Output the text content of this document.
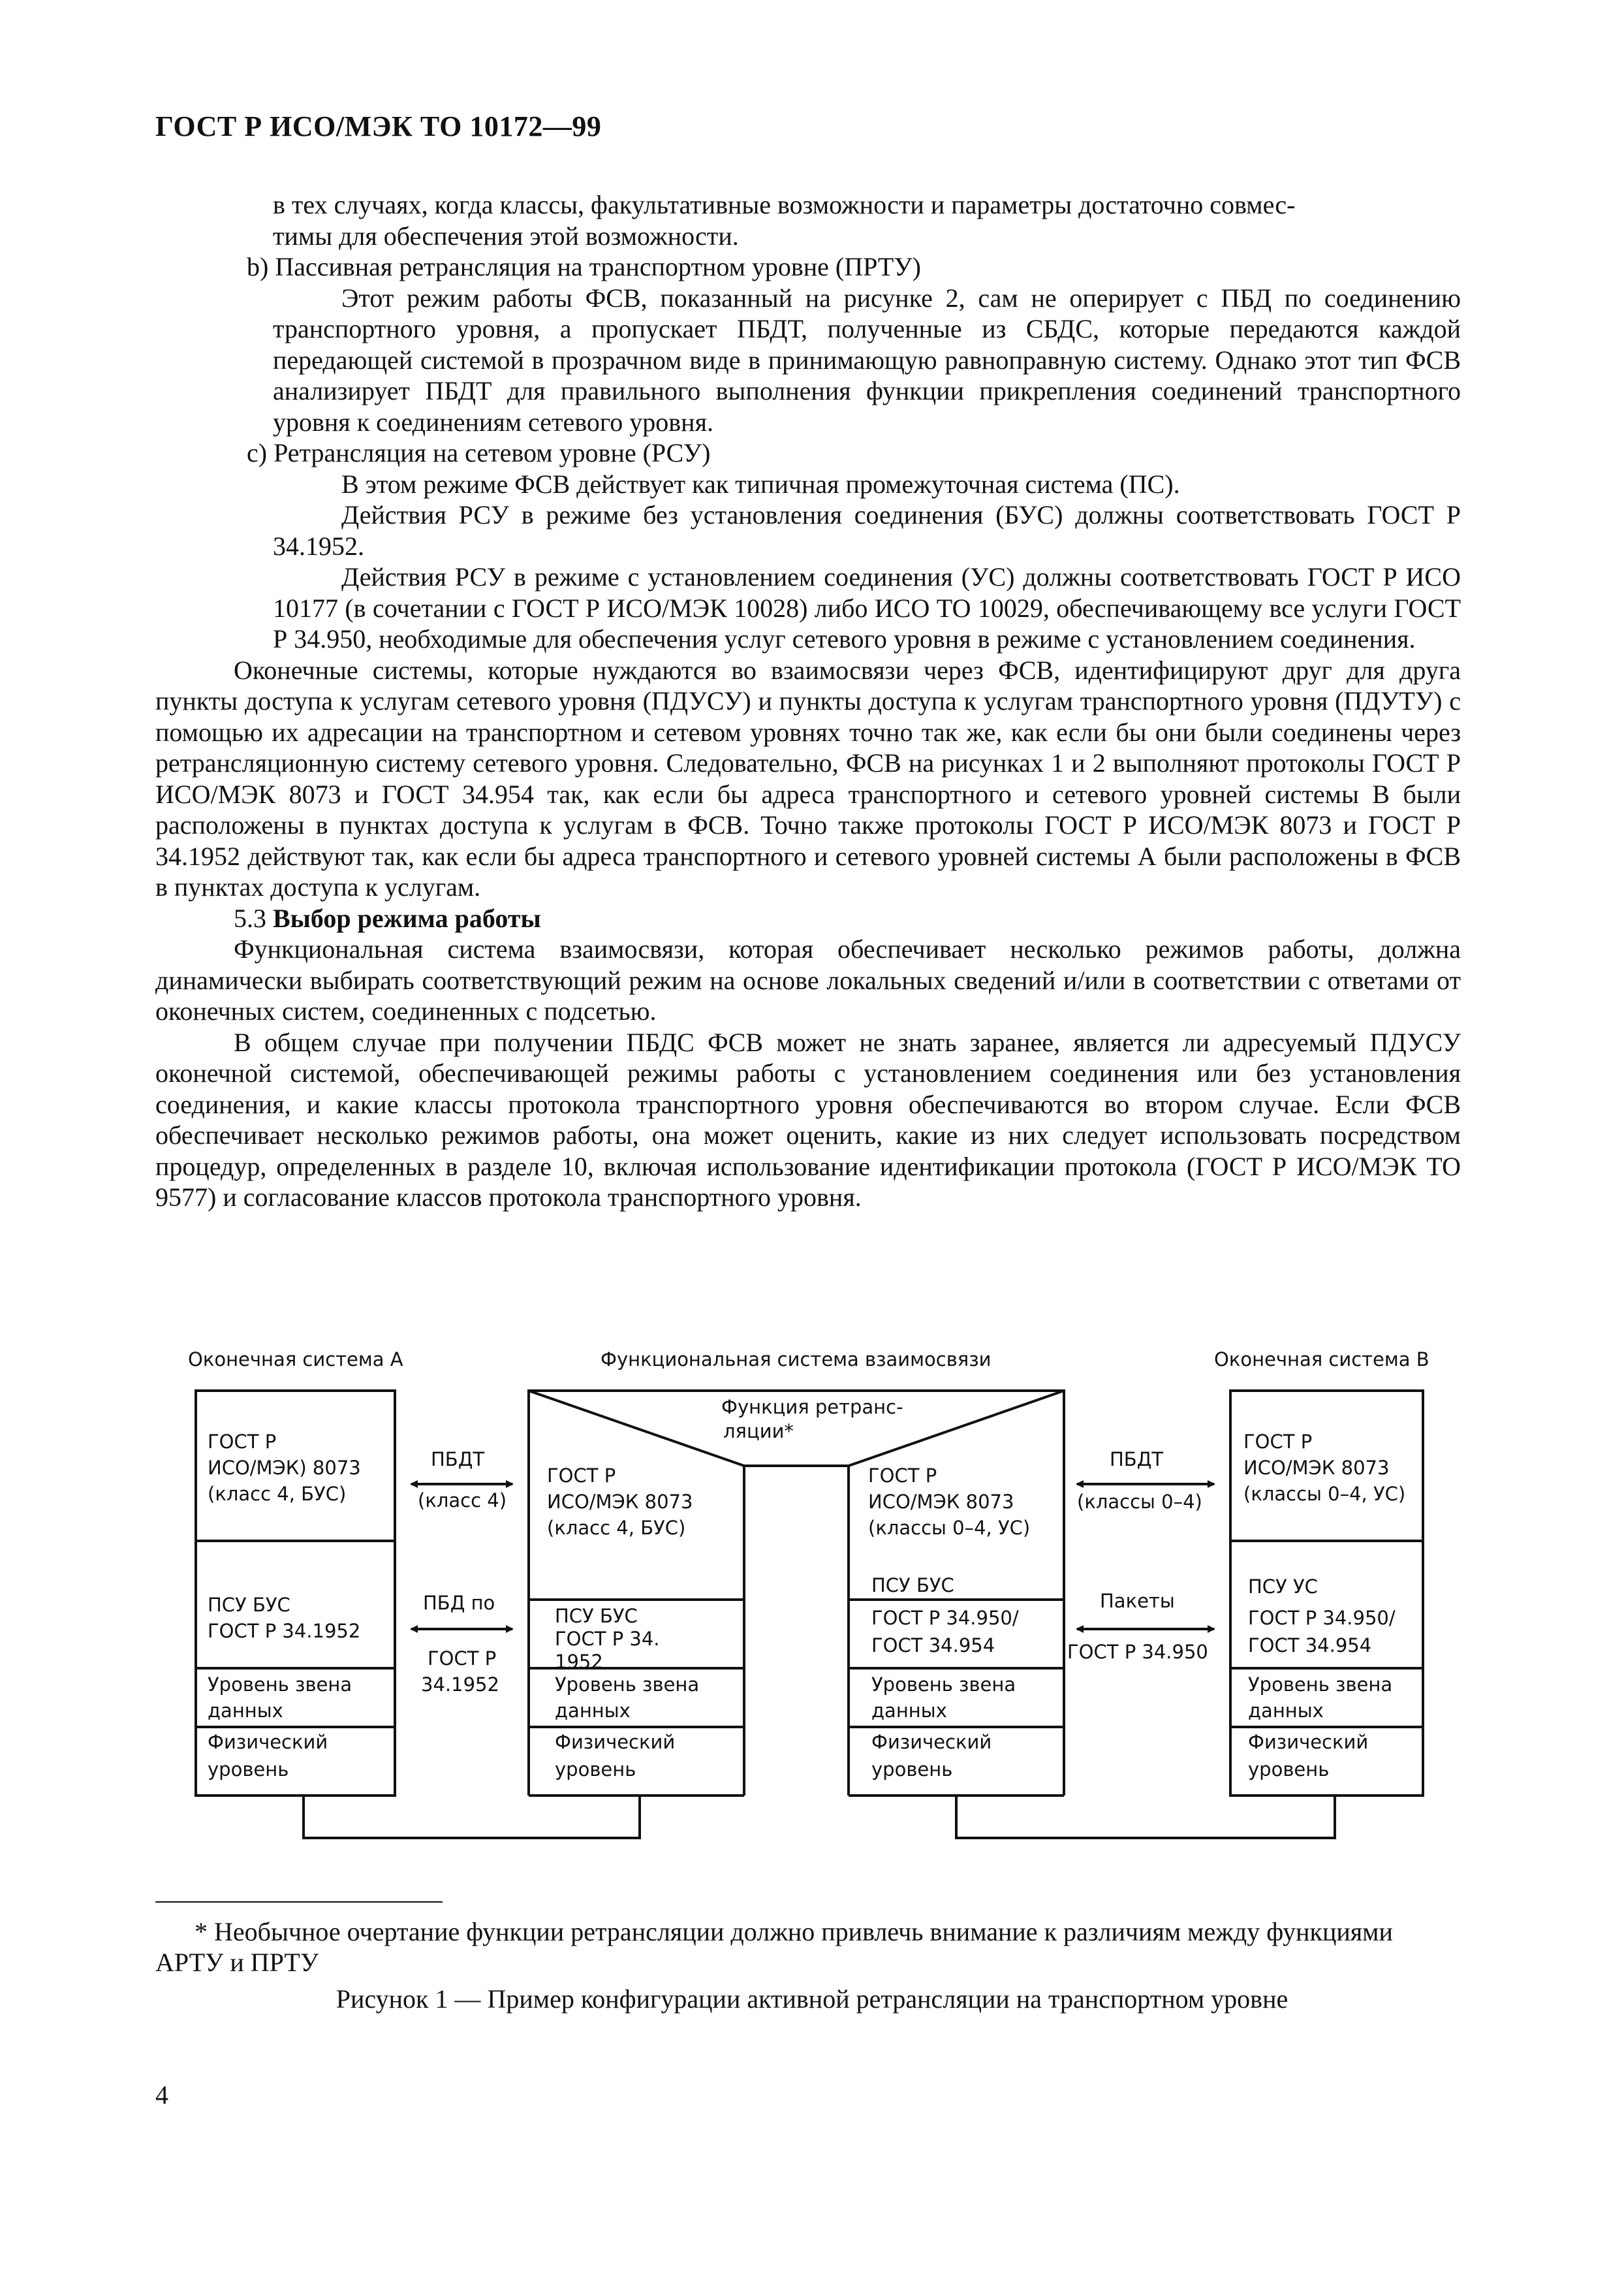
ГОСТ Р ИСО/МЭК ТО 10172—99

в тех случаях, когда классы, факультативные возможности и параметры достаточно совмес-

тимы для обеспечения этой возможности.

b) Пассивная ретрансляция на транспортном уровне (ПРТУ)

Этот режим работы ФСВ, показанный на рисунке 2, сам не оперирует с ПБД по соединению транспортного уровня, а пропускает ПБДТ, полученные из СБДС, которые передаются каждой передающей системой в прозрачном виде в принимающую равноправную систему. Однако этот тип ФСВ анализирует ПБДТ для правильного выполнения функции прикрепления соединений транспортного уровня к соединениям сетевого уровня.

c) Ретрансляция на сетевом уровне (РСУ)

В этом режиме ФСВ действует как типичная промежуточная система (ПС).

Действия РСУ в режиме без установления соединения (БУС) должны соответствовать ГОСТ Р 34.1952.

Действия РСУ в режиме с установлением соединения (УС) должны соответствовать ГОСТ Р ИСО 10177 (в сочетании с ГОСТ Р ИСО/МЭК 10028) либо ИСО ТО 10029, обеспечивающему все услуги ГОСТ Р 34.950, необходимые для обеспечения услуг сетевого уровня в режиме с установлением соединения.

Оконечные системы, которые нуждаются во взаимосвязи через ФСВ, идентифицируют друг для друга пункты доступа к услугам сетевого уровня (ПДУСУ) и пункты доступа к услугам транспортного уровня (ПДУТУ) с помощью их адресации на транспортном и сетевом уровнях точно так же, как если бы они были соединены через ретрансляционную систему сетевого уровня. Следовательно, ФСВ на рисунках 1 и 2 выполняют протоколы ГОСТ Р ИСО/МЭК 8073 и ГОСТ 34.954 так, как если бы адреса транспортного и сетевого уровней системы В были расположены в пунктах доступа к услугам в ФСВ. Точно также протоколы ГОСТ Р ИСО/МЭК 8073 и ГОСТ Р 34.1952 действуют так, как если бы адреса транспортного и сетевого уровней системы А были расположены в ФСВ в пунктах доступа к услугам.

5.3 Выбор режима работы

Функциональная система взаимосвязи, которая обеспечивает несколько режимов работы, должна динамически выбирать соответствующий режим на основе локальных сведений и/или в соответствии с ответами от оконечных систем, соединенных с подсетью.

В общем случае при получении ПБДС ФСВ может не знать заранее, является ли адресуемый ПДУСУ оконечной системой, обеспечивающей режимы работы с установлением соединения или без установления соединения, и какие классы протокола транспортного уровня обеспечиваются во втором случае. Если ФСВ обеспечивает несколько режимов работы, она может оценить, какие из них следует использовать посредством процедур, определенных в разделе 10, включая использование идентификации протокола (ГОСТ Р ИСО/МЭК ТО 9577) и согласование классов протокола транспортного уровня.

Оконечная система А	Функциональная система взаимосвязи	Оконечная система В
Функция ретранс-
ляции*
ГОСТ Р
ИСО/МЭК) 8073
(класс 4, БУС)
ПСУ БУС
ГОСТ Р 34.1952
Уровень звена
данных
Физический
уровень
ПБДТ
(класс 4)
ПБД по
ГОСТ Р
34.1952
ГОСТ Р
ИСО/МЭК 8073
(класс 4, БУС)
ПСУ БУС
ГОСТ Р 34.
1952
Уровень звена
данных
Физический
уровень
ГОСТ Р
ИСО/МЭК 8073
(классы 0–4, УС)
ПСУ БУС
ГОСТ Р 34.950/
ГОСТ 34.954
Уровень звена
данных
Физический
уровень
ПБДТ
(классы 0–4)
Пакеты
ГОСТ Р 34.950
ГОСТ Р
ИСО/МЭК 8073
(классы 0–4, УС)
ПСУ УС
ГОСТ Р 34.950/
ГОСТ 34.954
Уровень звена
данных
Физический
уровень
* Необычное очертание функции ретрансляции должно привлечь внимание к различиям между функциями АРТУ и ПРТУ
Рисунок 1 — Пример конфигурации активной ретрансляции на транспортном уровне
4
